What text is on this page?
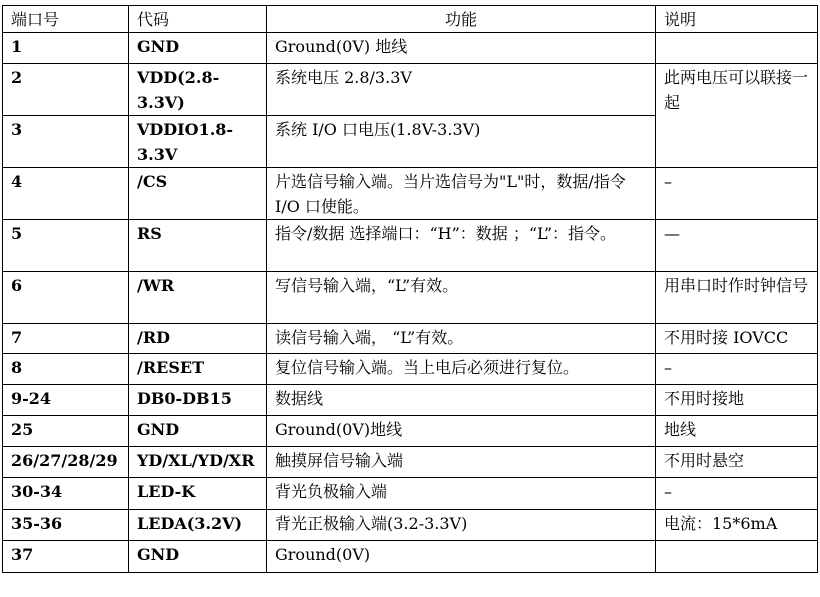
端口号	代码	功能	说明
1	GND	Ground(0V) 地线	
2	VDD(2.8-3.3V)	系统电压 2.8/3.3V	此两电压可以联接一起
3	VDDIO1.8-3.3V	系统 I/O 口电压(1.8V-3.3V)	
4	/CS	片选信号输入端。当片选信号为"L"时，数据/指令 I/O 口使能。	–
5	RS	指令/数据 选择端口：“H”：数据 ；“L”：指令。	—
6	/WR	写信号输入端，“L”有效。	用串口时作时钟信号
7	/RD	读信号输入端， “L”有效。	不用时接 IOVCC
8	/RESET	复位信号输入端。当上电后必须进行复位。	–
9-24	DB0-DB15	数据线	不用时接地
25	GND	Ground(0V)地线	地线
26/27/28/29	YD/XL/YD/XR	触摸屏信号输入端	不用时悬空
30-34	LED-K	背光负极输入端	–
35-36	LEDA(3.2V)	背光正极输入端(3.2-3.3V)	电流：15*6mA
37	GND	Ground(0V)	
